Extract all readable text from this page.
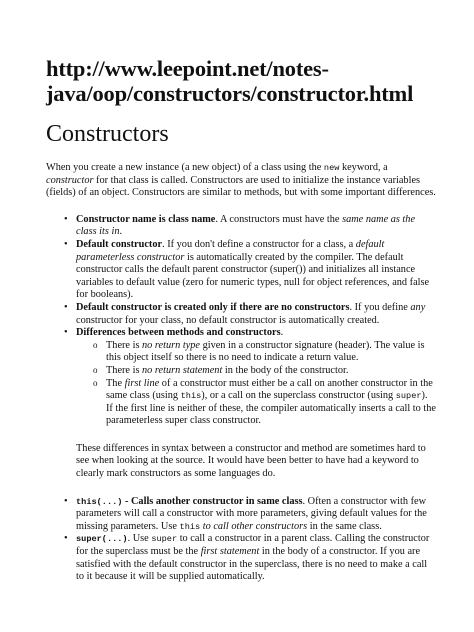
http://www.leepoint.net/notes-
java/oop/constructors/constructor.html
Constructors

When you create a new instance (a new object) of a class using the new keyword, a constructor for that class is called. Constructors are used to initialize the instance variables (fields) of an object. Constructors are similar to methods, but with some important differences.

• Constructor name is class name. A constructors must have the same name as the class its in.
• Default constructor. If you don't define a constructor for a class, a default parameterless constructor is automatically created by the compiler. The default constructor calls the default parent constructor (super()) and initializes all instance variables to default value (zero for numeric types, null for object references, and false for booleans).
• Default constructor is created only if there are no constructors. If you define any constructor for your class, no default constructor is automatically created.
• Differences between methods and constructors.
o There is no return type given in a constructor signature (header). The value is this object itself so there is no need to indicate a return value.
o There is no return statement in the body of the constructor.
o The first line of a constructor must either be a call on another constructor in the same class (using this), or a call on the superclass constructor (using super). If the first line is neither of these, the compiler automatically inserts a call to the parameterless super class constructor.
These differences in syntax between a constructor and method are sometimes hard to see when looking at the source. It would have been better to have had a keyword to clearly mark constructors as some languages do.
• this(...) - Calls another constructor in same class. Often a constructor with few parameters will call a constructor with more parameters, giving default values for the missing parameters. Use this to call other constructors in the same class.
• super(...). Use super to call a constructor in a parent class. Calling the constructor for the superclass must be the first statement in the body of a constructor. If you are satisfied with the default constructor in the superclass, there is no need to make a call to it because it will be supplied automatically.
